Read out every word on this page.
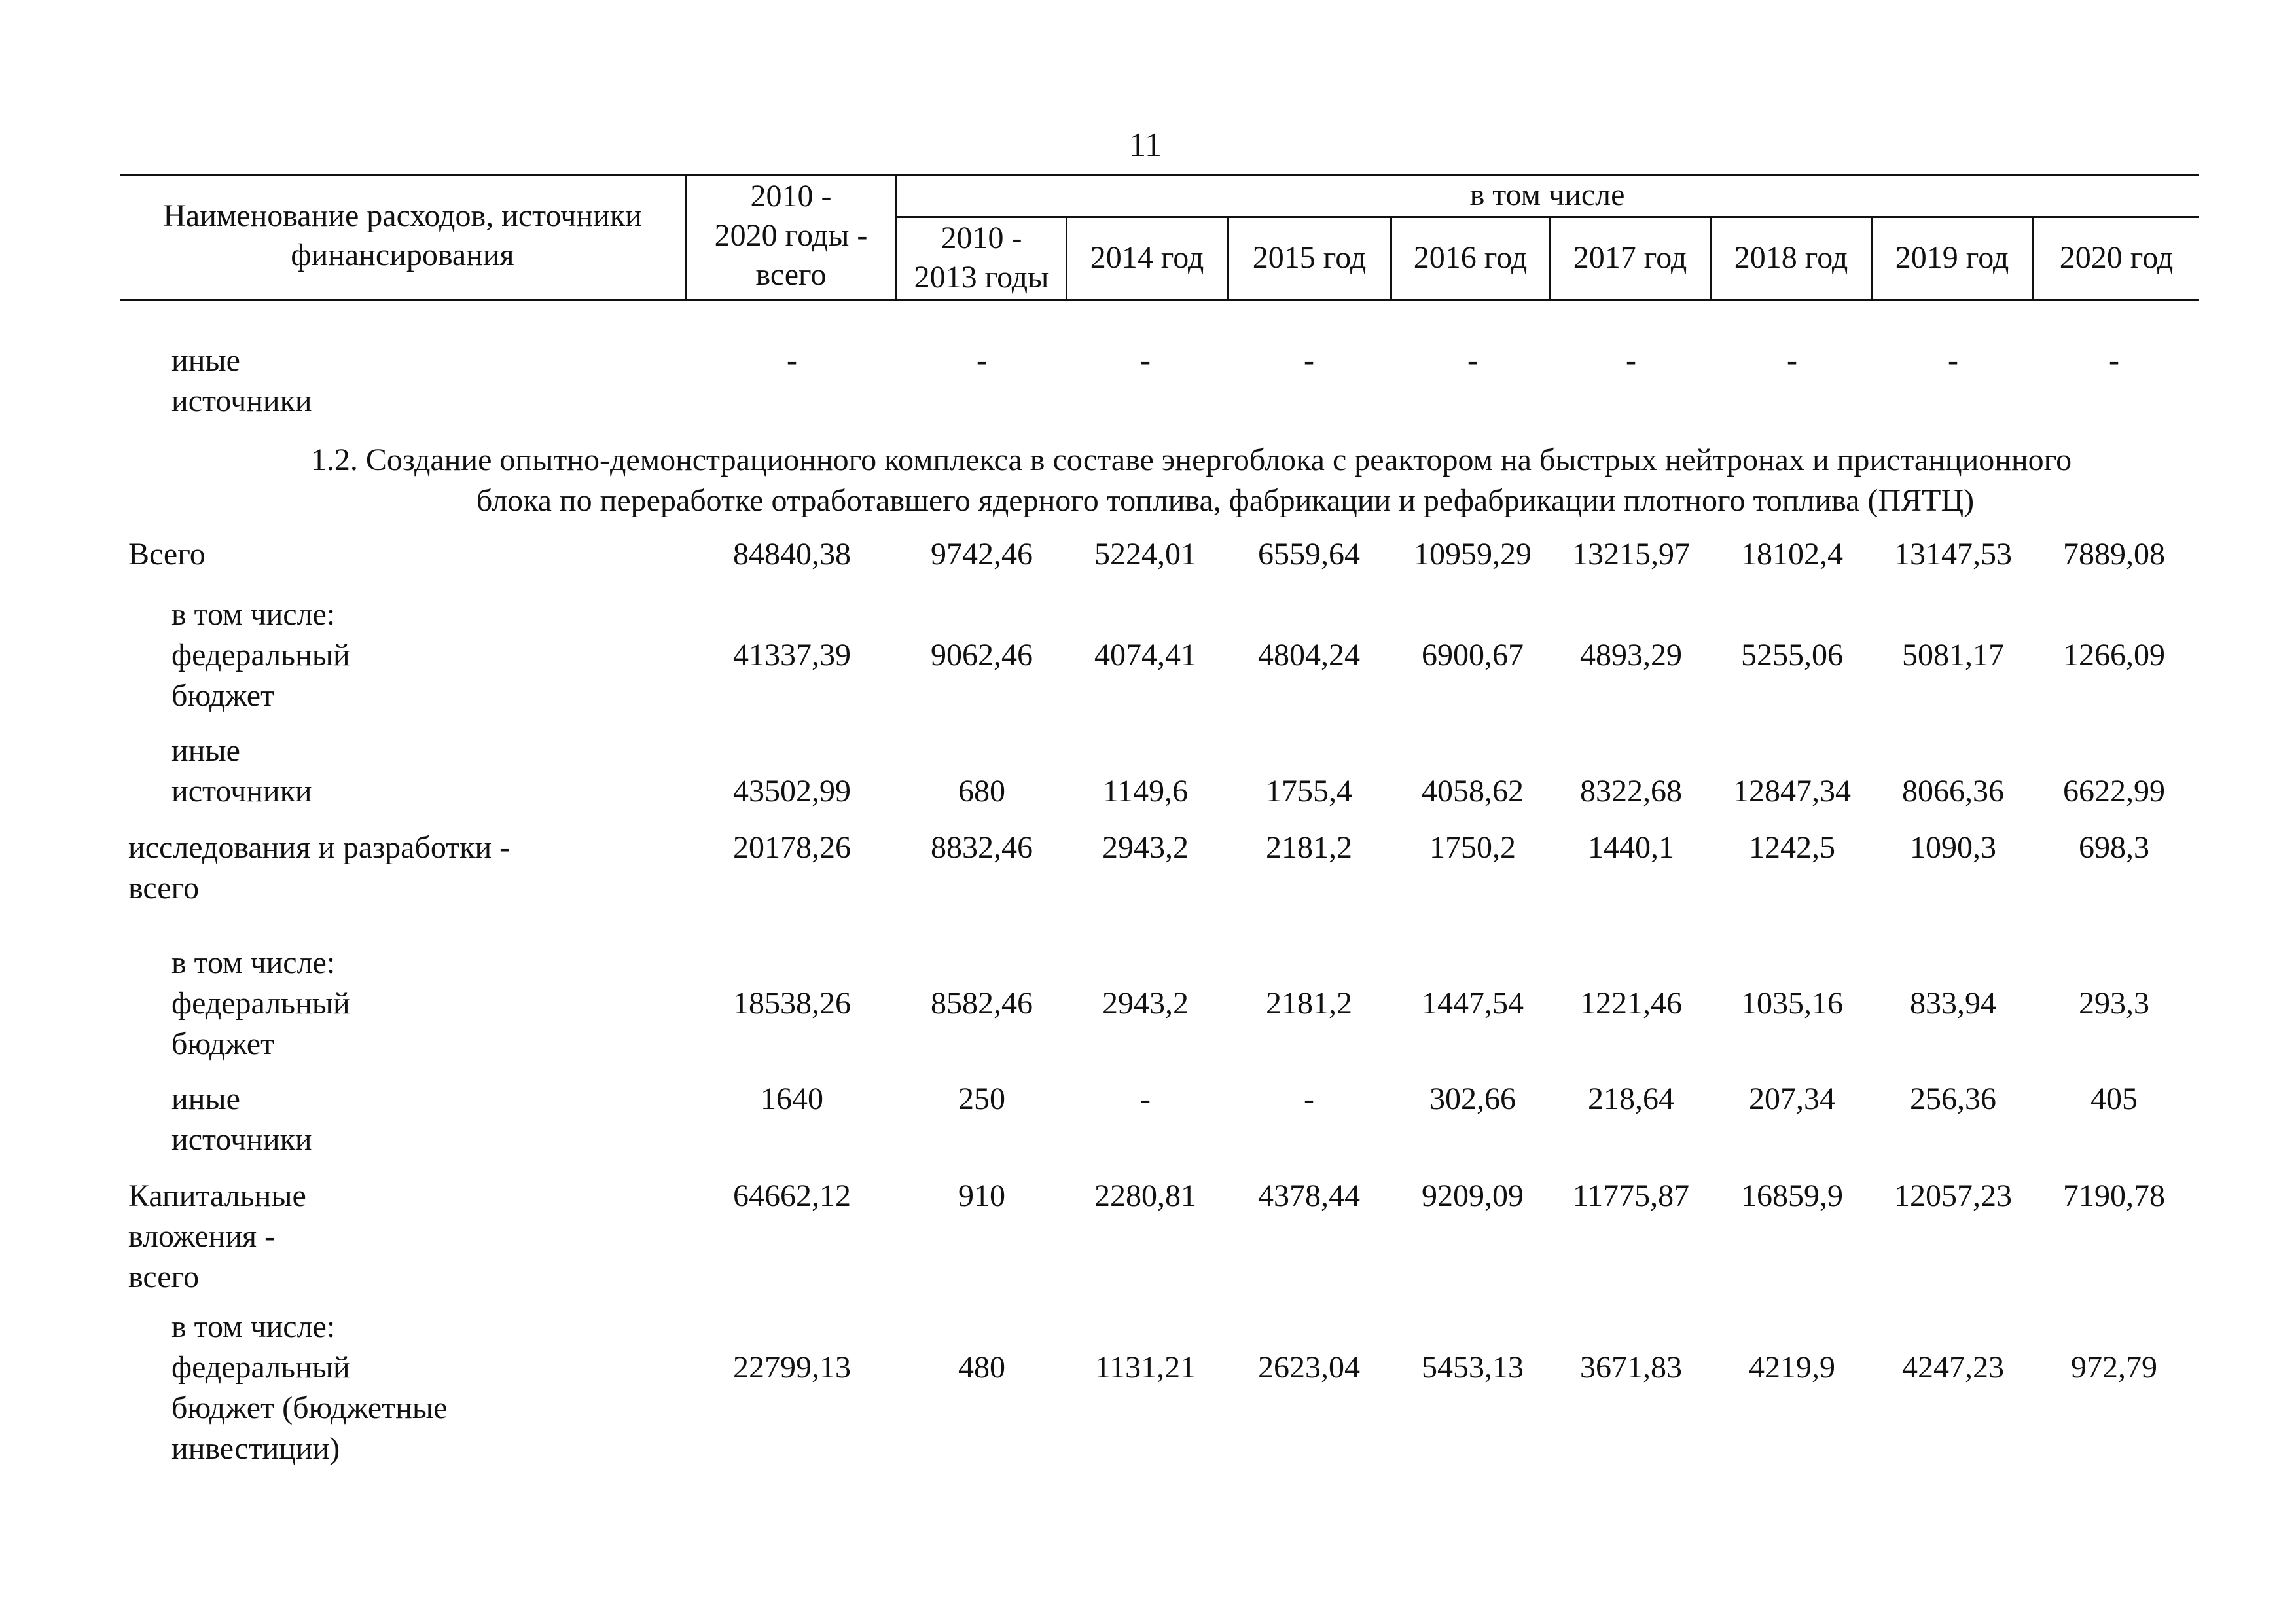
11
Наименование расходов, источники финансирования
2010 -
2020 годы -
всего
в том числе
2010 -
2013 годы
2014 год	2015 год	2016 год	2017 год	2018 год	2019 год	2020 год
иные
источники
-	-	-	-	-	-	-	-	-
1.2. Создание опытно-демонстрационного комплекса в составе энергоблока с реактором на быстрых нейтронах и пристанционного
блока по переработке отработавшего ядерного топлива, фабрикации и рефабрикации плотного топлива (ПЯТЦ)
Всего	84840,38	9742,46	5224,01	6559,64	10959,29	13215,97	18102,4	13147,53	7889,08
в том числе:
федеральный
бюджет
41337,39	9062,46	4074,41	4804,24	6900,67	4893,29	5255,06	5081,17	1266,09
иные
источники	43502,99	680	1149,6	1755,4	4058,62	8322,68	12847,34	8066,36	6622,99
исследования и разработки -
всего
20178,26	8832,46	2943,2	2181,2	1750,2	1440,1	1242,5	1090,3	698,3
в том числе:
федеральный
бюджет
18538,26	8582,46	2943,2	2181,2	1447,54	1221,46	1035,16	833,94	293,3
иные
источники
1640	250	-	-	302,66	218,64	207,34	256,36	405
Капитальные
вложения -
всего
64662,12	910	2280,81	4378,44	9209,09	11775,87	16859,9	12057,23	7190,78
в том числе:
федеральный
бюджет (бюджетные
инвестиции)
22799,13	480	1131,21	2623,04	5453,13	3671,83	4219,9	4247,23	972,79
